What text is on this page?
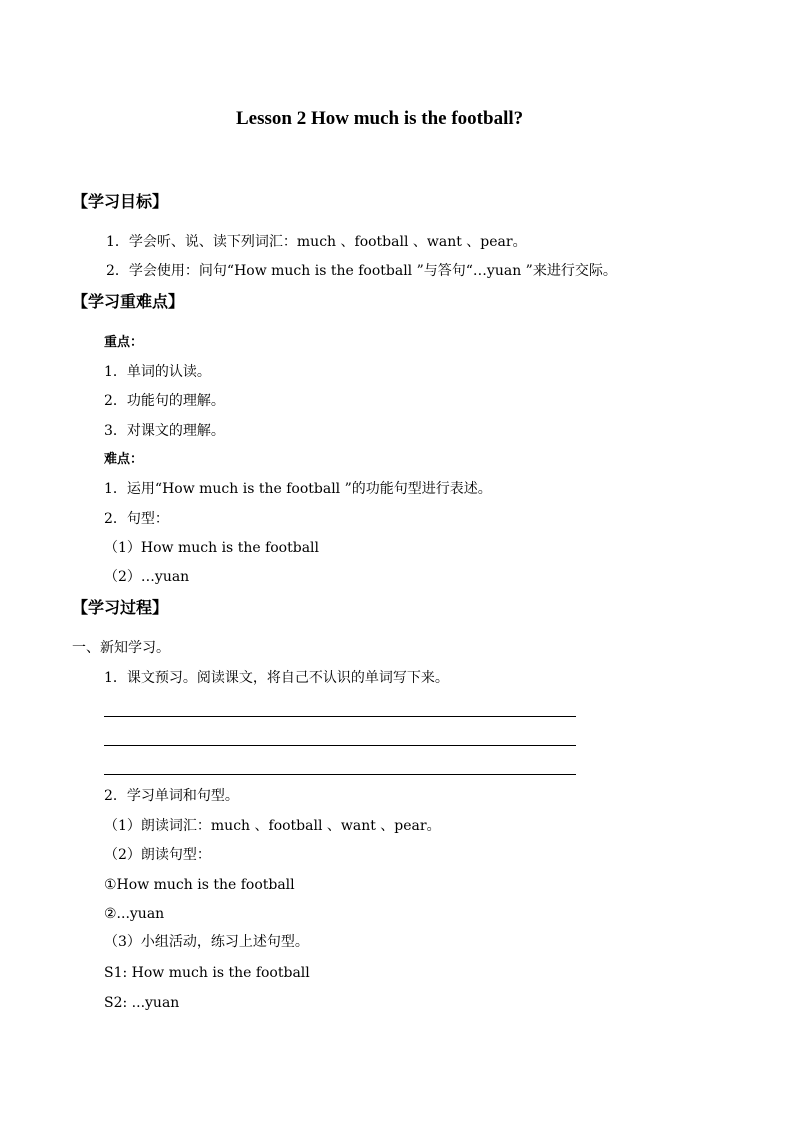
Lesson 2 How much is the football?
【学习目标】
1．学会听、说、读下列词汇：much 、football 、want 、pear。
2．学会使用：问句“How much is the football ”与答句“…yuan ”来进行交际。
【学习重难点】
重点：
1．单词的认读。
2．功能句的理解。
3．对课文的理解。
难点：
1．运用“How much is the football ”的功能句型进行表述。
2．句型：
（1）How much is the football
（2）…yuan
【学习过程】
一、新知学习。
1．课文预习。阅读课文，将自己不认识的单词写下来。
2．学习单词和句型。
（1）朗读词汇：much 、football 、want 、pear。
（2）朗读句型：
①How much is the football
②...yuan
（3）小组活动，练习上述句型。
S1: How much is the football
S2: ...yuan
